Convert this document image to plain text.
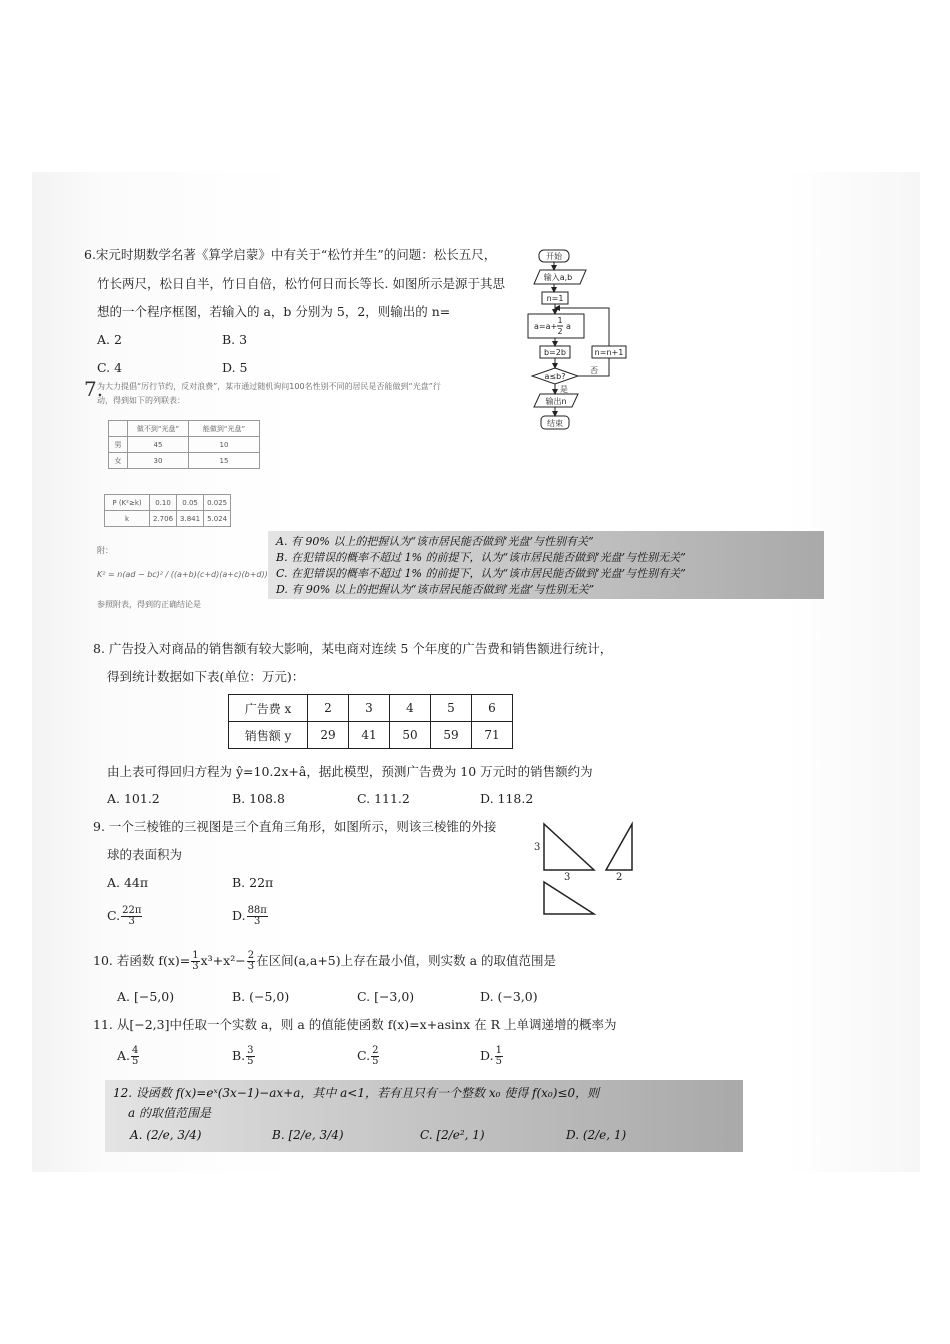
6.宋元时期数学名著《算学启蒙》中有关于“松竹并生”的问题：松长五尺，
竹长两尺，松日自半，竹日自倍，松竹何日而长等长. 如图所示是源于其思
想的一个程序框图，若输入的 a，b 分别为 5，2，则输出的 n=
A. 2	B. 3
C. 4	D. 5
开始
输入a,b
n=1
a=a+
1
2
a
b=2b
a≤b?
n=n+1
否
是
输出n
结束
7.
为大力提倡“厉行节约，反对浪费”，某市通过随机询问100名性别不同的居民是否能做到“光盘”行
动，得到如下的列联表：
	做不到“光盘”	能做到“光盘”
男	45	10
女	30	15
P (K²≥k)	0.10	0.05	0.025
k	2.706	3.841	5.024
附：
K² = n(ad − bc)² / ((a+b)(c+d)(a+c)(b+d))
参照附表，得到的正确结论是
A. 有 90% 以上的把握认为“该市居民能否做到‘光盘’与性别有关”
B. 在犯错误的概率不超过 1% 的前提下，认为“该市居民能否做到‘光盘’与性别无关”
C. 在犯错误的概率不超过 1% 的前提下，认为“该市居民能否做到‘光盘’与性别有关”
D. 有 90% 以上的把握认为“该市居民能否做到‘光盘’与性别无关”
8. 广告投入对商品的销售额有较大影响，某电商对连续 5 个年度的广告费和销售额进行统计，
得到统计数据如下表(单位：万元)：
广告费 x	2	3	4	5	6
销售额 y	29	41	50	59	71
由上表可得回归方程为 ŷ=10.2x+â，据此模型，预测广告费为 10 万元时的销售额约为
A. 101.2	B. 108.8	C. 111.2	D. 118.2
9. 一个三棱锥的三视图是三个直角三角形，如图所示，则该三棱锥的外接
球的表面积为
A. 44π	B. 22π
C. $\frac{22\pi}{3}$	D. $\frac{88\pi}{3}$
3
3	2
10. 若函数 $f(x)= \frac{1}{3} x^3+x^2- \frac{2}{3}$ 在区间(a,a+5)上存在最小值，则实数 a 的取值范围是
A. [−5,0)	B. (−5,0)	C. [−3,0)	D. (−3,0)
11. 从[−2,3]中任取一个实数 a，则 a 的值能使函数 f(x)=x+asinx 在 R 上单调递增的概率为
A. $\frac{4}{5}$	B. $\frac{3}{5}$	C. $\frac{2}{5}$	D. $\frac{1}{5}$
12. 设函数 f(x)=eˣ(3x−1)−ax+a，其中 a<1，若有且只有一个整数 x₀ 使得 f(x₀)≤0，则
a 的取值范围是
A. (2/e, 3/4)	B. [2/e, 3/4)	C. [2/e², 1)	D. (2/e, 1)
